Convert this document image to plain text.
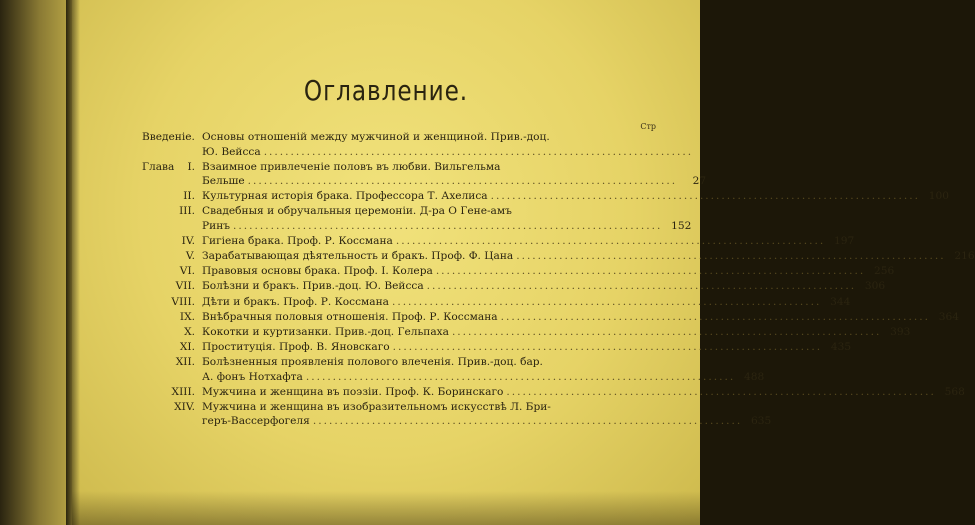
Оглавление.
Стр
Введеніе. Основы отношеній между мужчиной и женщиной. Прив.-доц.
Ю. Вейсса ................................................................................
Глава I. Взаимное привлеченіе половъ въ любви. Вильгельма
Бельше ................................................................................	27
II. Культурная исторія брака. Профессора Т. Ахелиса ................................................................................ 100
III. Свадебныя и обручальныя церемоніи. Д-ра О Гене-амъ
Ринъ ................................................................................ 152
IV. Гигіена брака. Проф. Р. Коссмана ................................................................................ 197
V. Зарабатывающая дѣятельность и бракъ. Проф. Ф. Цана ................................................................................ 216
VI. Правовыя основы брака. Проф. І. Колера ................................................................................ 256
VII. Болѣзни и бракъ. Прив.-доц. Ю. Вейсса ................................................................................ 306
VIII. Дѣти и бракъ. Проф. Р. Коссмана ................................................................................ 344
IX. Внѣбрачныя половыя отношенія. Проф. Р. Коссмана ................................................................................ 364
X. Кокотки и куртизанки. Прив.-доц. Гельпаха ................................................................................ 393
XI. Проституція. Проф. В. Яновскаго ................................................................................ 435
XII. Болѣзненныя проявленія полового влеченія. Прив.-доц. бар.
А. фонъ Нотхафта ................................................................................ 488
XIII. Мужчина и женщина въ поэзіи. Проф. К. Боринскаго ................................................................................ 568
XIV. Мужчина и женщина въ изобразительномъ искусствѣ Л. Бри-
геръ-Вассерфогеля ................................................................................ 635
